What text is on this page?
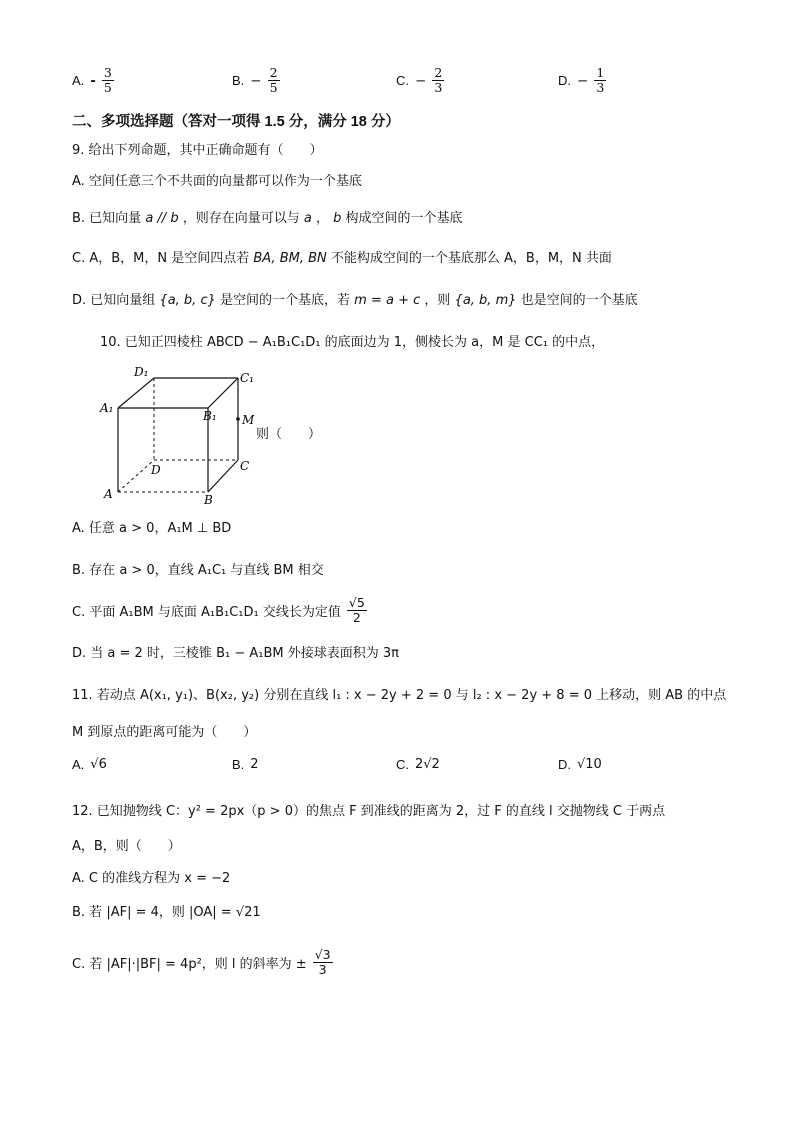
A. - $\frac{3}{5}$	B. − $\frac{2}{5}$	C. − $\frac{2}{3}$	D. − $\frac{1}{3}$
二、多项选择题（答对一项得 1.5 分，满分 18 分）
9. 给出下列命题，其中正确命题有（　　）
A. 空间任意三个不共面的向量都可以作为一个基底
B. 已知向量 a // b ，则存在向量可以与 a ， b 构成空间的一个基底
C. A，B，M，N 是空间四点若 BA, BM, BN 不能构成空间的一个基底那么 A，B，M，N 共面
D. 已知向量组 {a, b, c} 是空间的一个基底，若 m = a + c ，则 {a, b, m} 也是空间的一个基底
10. 已知正四棱柱 ABCD − A₁B₁C₁D₁ 的底面边为 1，侧棱长为 a，M 是 CC₁ 的中点，
D₁	C₁
A₁
B₁ M
D	C
A	B
则（　　）
A. 任意 a > 0，A₁M ⊥ BD
B. 存在 a > 0，直线 A₁C₁ 与直线 BM 相交
C. 平面 A₁BM 与底面 A₁B₁C₁D₁ 交线长为定值 $\frac{√5}{2}$
D. 当 a = 2 时，三棱锥 B₁ − A₁BM 外接球表面积为 3π
11. 若动点 A(x₁, y₁)、B(x₂, y₂) 分别在直线 l₁ : x − 2y + 2 = 0 与 l₂ : x − 2y + 8 = 0 上移动，则 AB 的中点
M 到原点的距离可能为（　　）
A. √6	B. 2	C. 2√2	D. √10
12. 已知抛物线 C：y² = 2px（p > 0）的焦点 F 到准线的距离为 2，过 F 的直线 l 交抛物线 C 于两点
A，B，则（　　）
A. C 的准线方程为 x = −2
B. 若 |AF| = 4，则 |OA| = √21
C. 若 |AF|·|BF| = 4p²，则 l 的斜率为 ± $\frac{√3}{3}$
